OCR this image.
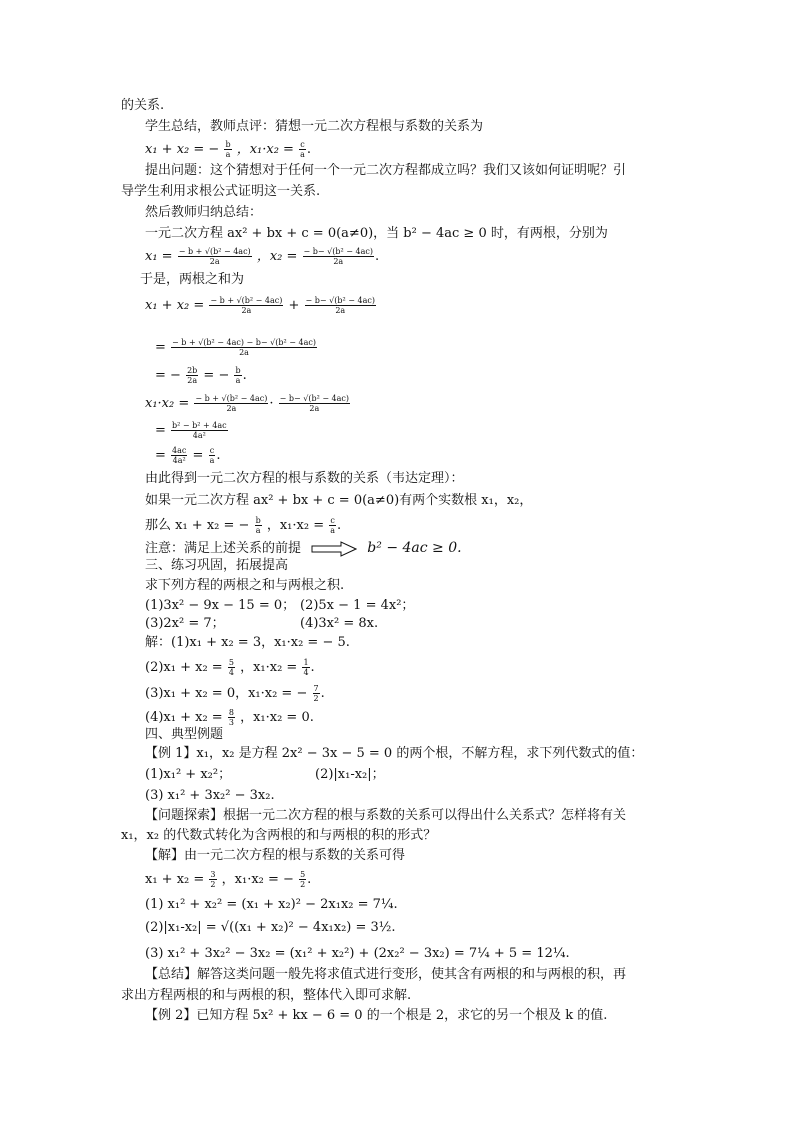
的关系.
学生总结，教师点评：猜想一元二次方程根与系数的关系为
x₁ + x₂ = − $\frac{b}{a}$ ，$x_1\cdot x_2 = \frac{c}{a}$ .
提出问题：这个猜想对于任何一个一元二次方程都成立吗？我们又该如何证明呢？引
导学生利用求根公式证明这一关系.
然后教师归纳总结：
一元二次方程 ax² + bx + c = 0(a≠0)，当 b² − 4ac ≥ 0 时，有两根，分别为
$x_1 = \frac{\text{− b + √(b² − 4ac)}}{2a}$ ，$x_2 = \frac{\text{− b− √(b² − 4ac)}}{2a}$ .
于是，两根之和为
$x_1 + x_2 = \frac{\text{− b + √(b² − 4ac)}}{2a} + \frac{\text{− b− √(b² − 4ac)}}{2a}$
= $\frac{\text{− b + √(b² − 4ac) − b− √(b² − 4ac)}}{2a}$
= − $\frac{2b}{2a}$ = − $\frac{b}{a}$ .
$x_1\cdot x_2 = \frac{\text{− b + √(b² − 4ac)}}{2a} \cdot \frac{\text{− b− √(b² − 4ac)}}{2a}$
= $\frac{\text{b² − b² + 4ac}}{\text{4a²}}$
= $\frac{4ac}{\text{4a²}} = \frac{c}{a}$ .
由此得到一元二次方程的根与系数的关系（韦达定理）：
如果一元二次方程 ax² + bx + c = 0(a≠0)有两个实数根 x₁，x₂，
那么 x₁ + x₂ = − $\frac{b}{a}$ ，$x_1\cdot x_2 = \frac{c}{a}$ .
注意：满足上述关系的前提	b² − 4ac ≥ 0.
三、练习巩固，拓展提高
求下列方程的两根之和与两根之积.
(1)3x² − 9x − 15 = 0； (2)5x − 1 = 4x²；
(3)2x² = 7；	(4)3x² = 8x.
解：(1)x₁ + x₂ = 3，x₁·x₂ = − 5.
$(2)x_1 + x_2 = \frac{5}{4}$ ，$x_1\cdot x_2 = \frac{1}{4}$ .
(3)x₁ + x₂ = 0，x₁·x₂ = − $\frac{7}{2}$ .
$(4)x_1 + x_2 = \frac{8}{3}$ ，x₁·x₂ = 0.
四、典型例题
【例 1】x₁，x₂ 是方程 2x² − 3x − 5 = 0 的两个根，不解方程，求下列代数式的值：
(1)x₁² + x₂²；	(2)|x₁-x₂|；
(3) x₁² + 3x₂² − 3x₂.
【问题探索】根据一元二次方程的根与系数的关系可以得出什么关系式？怎样将有关
x₁，x₂ 的代数式转化为含两根的和与两根的积的形式？
【解】由一元二次方程的根与系数的关系可得
$x_1 + x_2 = \frac{3}{2}$ ，x₁·x₂ = − $\frac{5}{2}$ .
(1) x₁² + x₂² = (x₁ + x₂)² − 2x₁x₂ = 7¼.
(2)|x₁-x₂| = √((x₁ + x₂)² − 4x₁x₂) = 3½.
(3) x₁² + 3x₂² − 3x₂ = (x₁² + x₂²) + (2x₂² − 3x₂) = 7¼ + 5 = 12¼.
【总结】解答这类问题一般先将求值式进行变形，使其含有两根的和与两根的积，再
求出方程两根的和与两根的积，整体代入即可求解.
【例 2】已知方程 5x² + kx − 6 = 0 的一个根是 2，求它的另一个根及 k 的值.
